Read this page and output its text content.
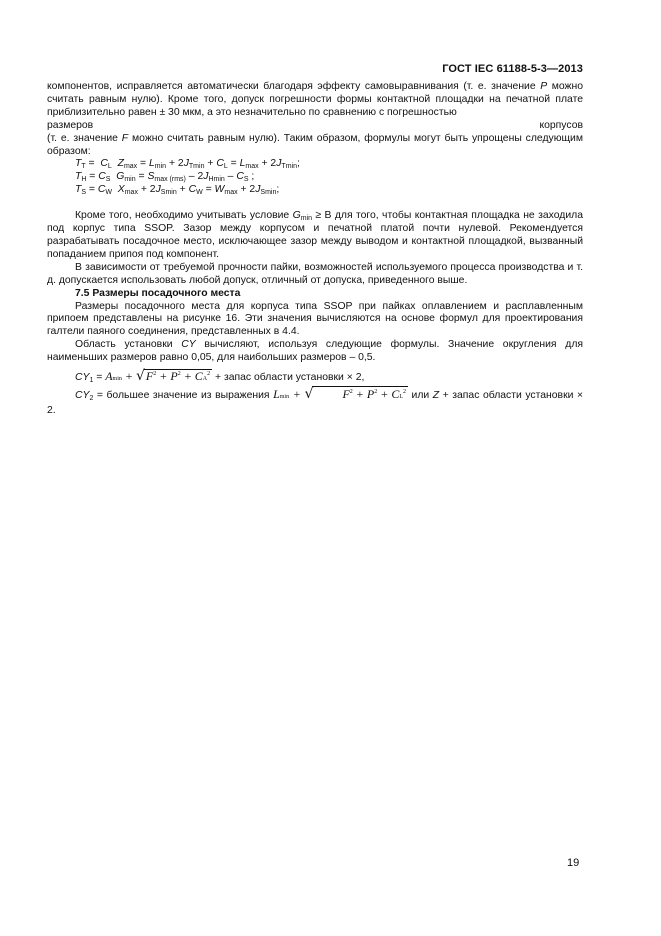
ГОСТ IEC 61188-5-3—2013

компонентов, исправляется автоматически благодаря эффекту самовыравнивания (т. е. значение P можно считать равным нулю). Кроме того, допуск погрешности формы контактной площадки на печатной плате приблизительно равен ± 30 мкм, а это незначительно по сравнению с погрешностью

размеров	корпусов

(т. е. значение F можно считать равным нулю). Таким образом, формулы могут быть упрощены следующим образом:

$T_T = C_L$ $Z_{max} = L_{min} + 2J_{Tmin} + C_L = L_{max} + 2J_{Tmin}$;
$T_H = C_S$ $G_{min} = S_{max (rms)} - 2J_{Hmin} - C_S$ ;
$T_S = C_W$ $X_{max} + 2J_{Smin} + C_W = W_{max} + 2J_{Smin}$;

Кроме того, необходимо учитывать условие $G_{min} \ge B$ для того, чтобы контактная площадка не заходила под корпус типа SSOP. Зазор между корпусом и печатной платой почти нулевой. Рекомендуется разрабатывать посадочное место, исключающее зазор между выводом и контактной площадкой, вызванный попаданием припоя под компонент.

В зависимости от требуемой прочности пайки, возможностей используемого процесса производства и т. д. допускается использовать любой допуск, отличный от допуска, приведенного выше.

7.5 Размеры посадочного места

Размеры посадочного места для корпуса типа SSOP при пайках оплавлением и расплавленным припоем представлены на рисунке 16. Эти значения вычисляются на основе формул для проектирования галтели паяного соединения, представленных в 4.4.

Область установки CY вычисляют, используя следующие формулы. Значение округления для наименьших размеров равно 0,05, для наибольших размеров – 0,5.

$CY_1 = Amin + √F^2 + P^2 + CA^2$ + запас области установки × 2,

$CY_2$ = большее значение из выражения Lmin + √ $F^2 + P^2 + CL^2$ или Z + запас области установки × 2.

19
